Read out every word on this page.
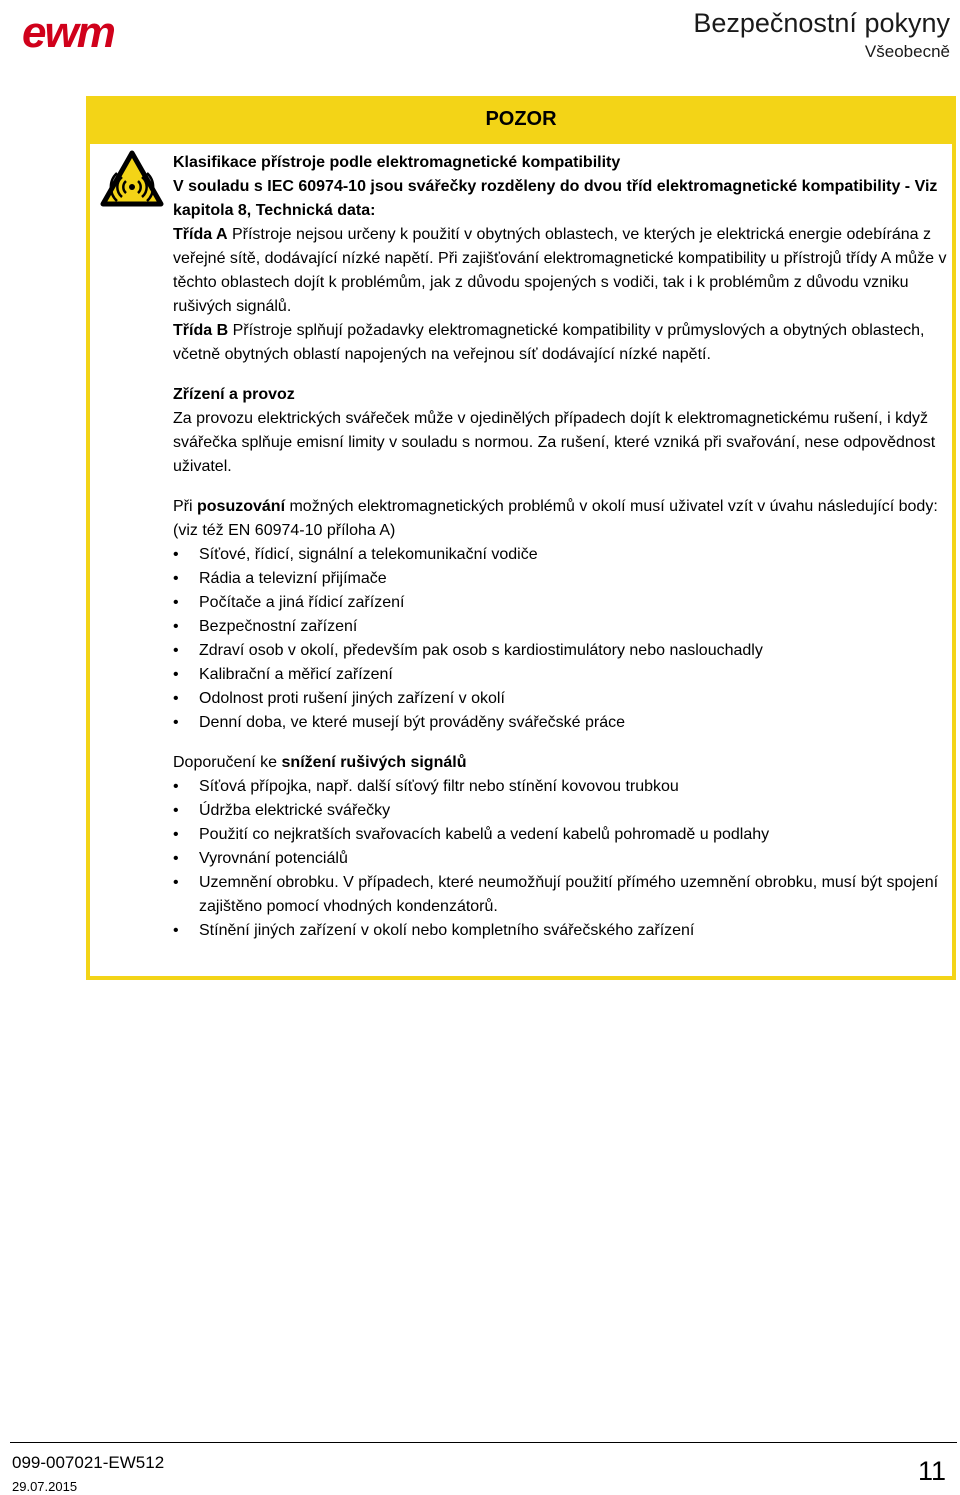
ewm	Bezpečnostní pokyny
Všeobecně
POZOR

Klasifikace přístroje podle elektromagnetické kompatibility

V souladu s IEC 60974-10 jsou svářečky rozděleny do dvou tříd elektromagnetické kompatibility - Viz kapitola 8, Technická data:

Třída A Přístroje nejsou určeny k použití v obytných oblastech, ve kterých je elektrická energie odebírána z veřejné sítě, dodávající nízké napětí. Při zajišťování elektromagnetické kompatibility u přístrojů třídy A může v těchto oblastech dojít k problémům, jak z důvodu spojených s vodiči, tak i k problémům z důvodu vzniku rušivých signálů.

Třída B Přístroje splňují požadavky elektromagnetické kompatibility v průmyslových a obytných oblastech, včetně obytných oblastí napojených na veřejnou síť dodávající nízké napětí.

Zřízení a provoz

Za provozu elektrických svářeček může v ojedinělých případech dojít k elektromagnetickému rušení, i když svářečka splňuje emisní limity v souladu s normou. Za rušení, které vzniká při svařování, nese odpovědnost uživatel.

Při posuzování možných elektromagnetických problémů v okolí musí uživatel vzít v úvahu následující body: (viz též EN 60974-10 příloha A)

• Síťové, řídicí, signální a telekomunikační vodiče
• Rádia a televizní přijímače
• Počítače a jiná řídicí zařízení
• Bezpečnostní zařízení
• Zdraví osob v okolí, především pak osob s kardiostimulátory nebo naslouchadly
• Kalibrační a měřicí zařízení
• Odolnost proti rušení jiných zařízení v okolí
• Denní doba, ve které musejí být prováděny svářečské práce

Doporučení ke snížení rušivých signálů

• Síťová přípojka, např. další síťový filtr nebo stínění kovovou trubkou
• Údržba elektrické svářečky
• Použití co nejkratších svařovacích kabelů a vedení kabelů pohromadě u podlahy
• Vyrovnání potenciálů
• Uzemnění obrobku. V případech, které neumožňují použití přímého uzemnění obrobku, musí být spojení zajištěno pomocí vhodných kondenzátorů.
• Stínění jiných zařízení v okolí nebo kompletního svářečského zařízení
099-007021-EW512
29.07.2015
11
